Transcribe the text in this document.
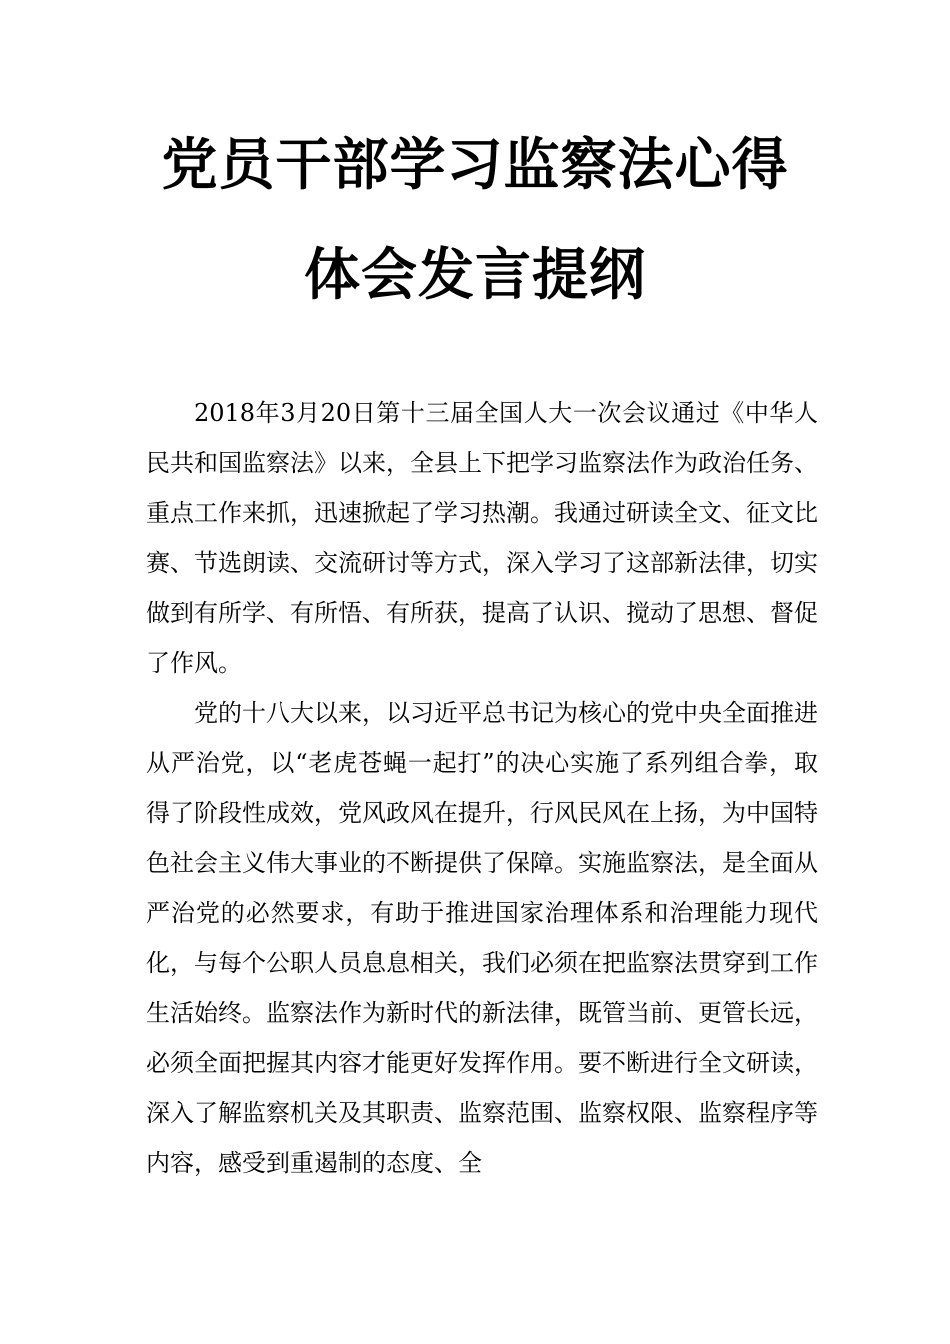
党员干部学习监察法心得
体会发言提纲

2018年3月20日第十三届全国人大一次会议通过《中华人民共和国监察法》以来，全县上下把学习监察法作为政治任务、重点工作来抓，迅速掀起了学习热潮。我通过研读全文、征文比赛、节选朗读、交流研讨等方式，深入学习了这部新法律，切实做到有所学、有所悟、有所获，提高了认识、搅动了思想、督促了作风。

党的十八大以来，以习近平总书记为核心的党中央全面推进从严治党，以“老虎苍蝇一起打”的决心实施了系列组合拳，取得了阶段性成效，党风政风在提升，行风民风在上扬，为中国特色社会主义伟大事业的不断提供了保障。实施监察法，是全面从严治党的必然要求，有助于推进国家治理体系和治理能力现代化，与每个公职人员息息相关，我们必须在把监察法贯穿到工作生活始终。监察法作为新时代的新法律，既管当前、更管长远，必须全面把握其内容才能更好发挥作用。要不断进行全文研读，深入了解监察机关及其职责、监察范围、监察权限、监察程序等内容，感受到重遏制的态度、全
